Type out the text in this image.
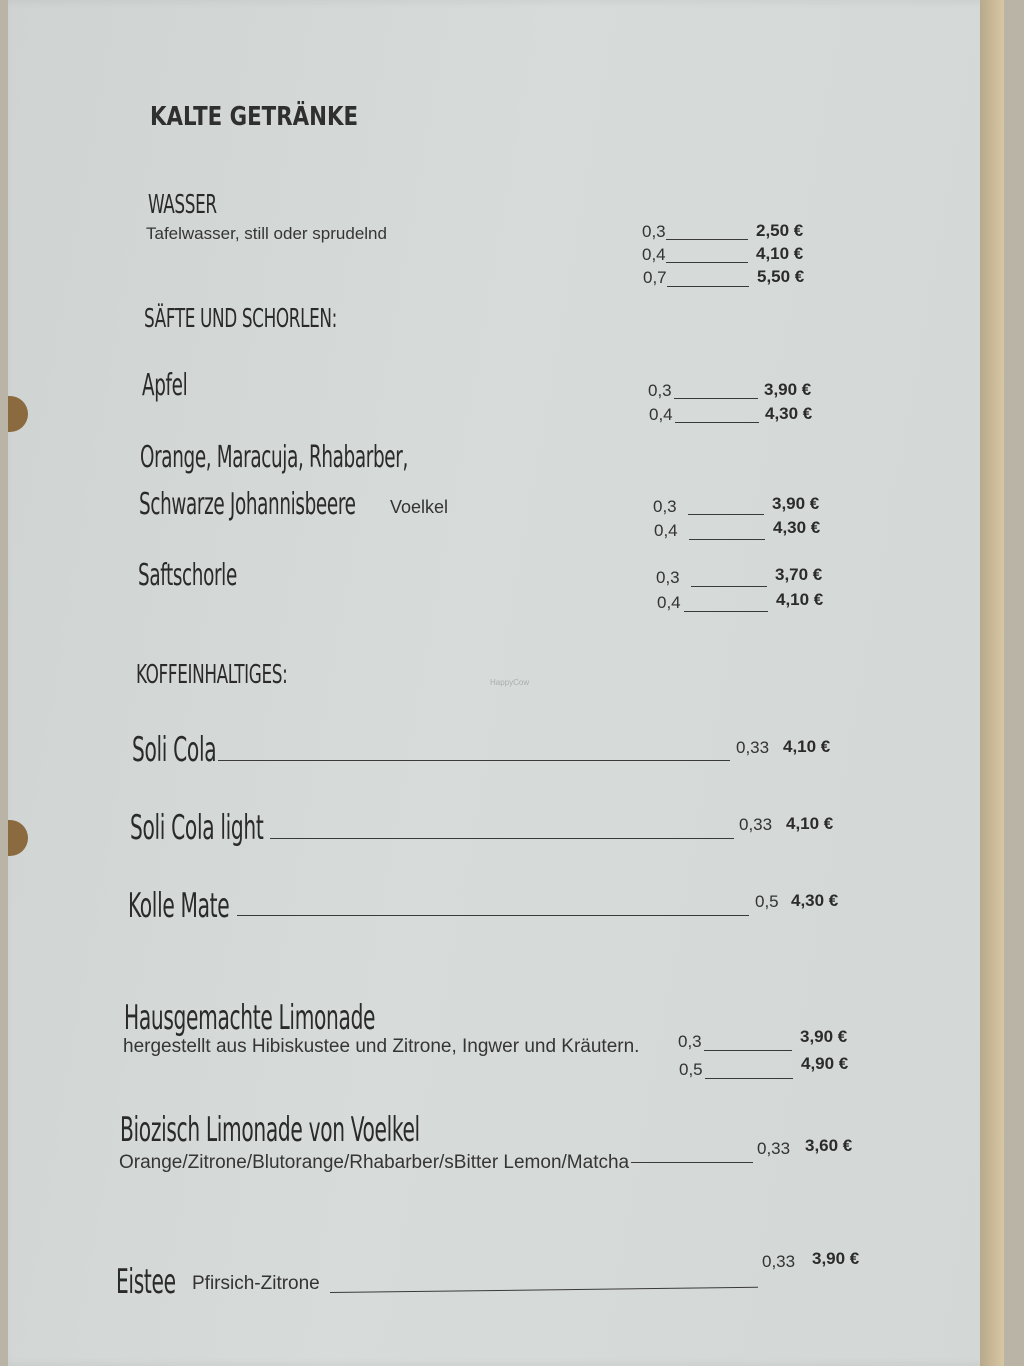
KALTE GETRÄNKE
WASSER
Tafelwasser, still oder sprudelnd	0,3	2,50 €
0,4	4,10 €
0,7	5,50 €
SÄFTE UND SCHORLEN:
Apfel	0,3	3,90 €
0,4	4,30 €
Orange, Maracuja, Rhabarber,
Schwarze Johannisbeere Voelkel	0,3	3,90 €
0,4	4,30 €
Saftschorle	0,3	3,70 €
0,4	4,10 €
KOFFEINHALTIGES:	HappyCow
Soli Cola	0,33 4,10 €
Soli Cola light	0,33 4,10 €
Kolle Mate	0,5 4,30 €
Hausgemachte Limonade
hergestellt aus Hibiskustee und Zitrone, Ingwer und Kräutern. 0,3	3,90 €
0,5	4,90 €
Biozisch Limonade von Voelkel
Orange/Zitrone/Blutorange/Rhabarber/sBitter Lemon/Matcha
0,33 3,60 €
Eistee Pfirsich-Zitrone
0,33 3,90 €
